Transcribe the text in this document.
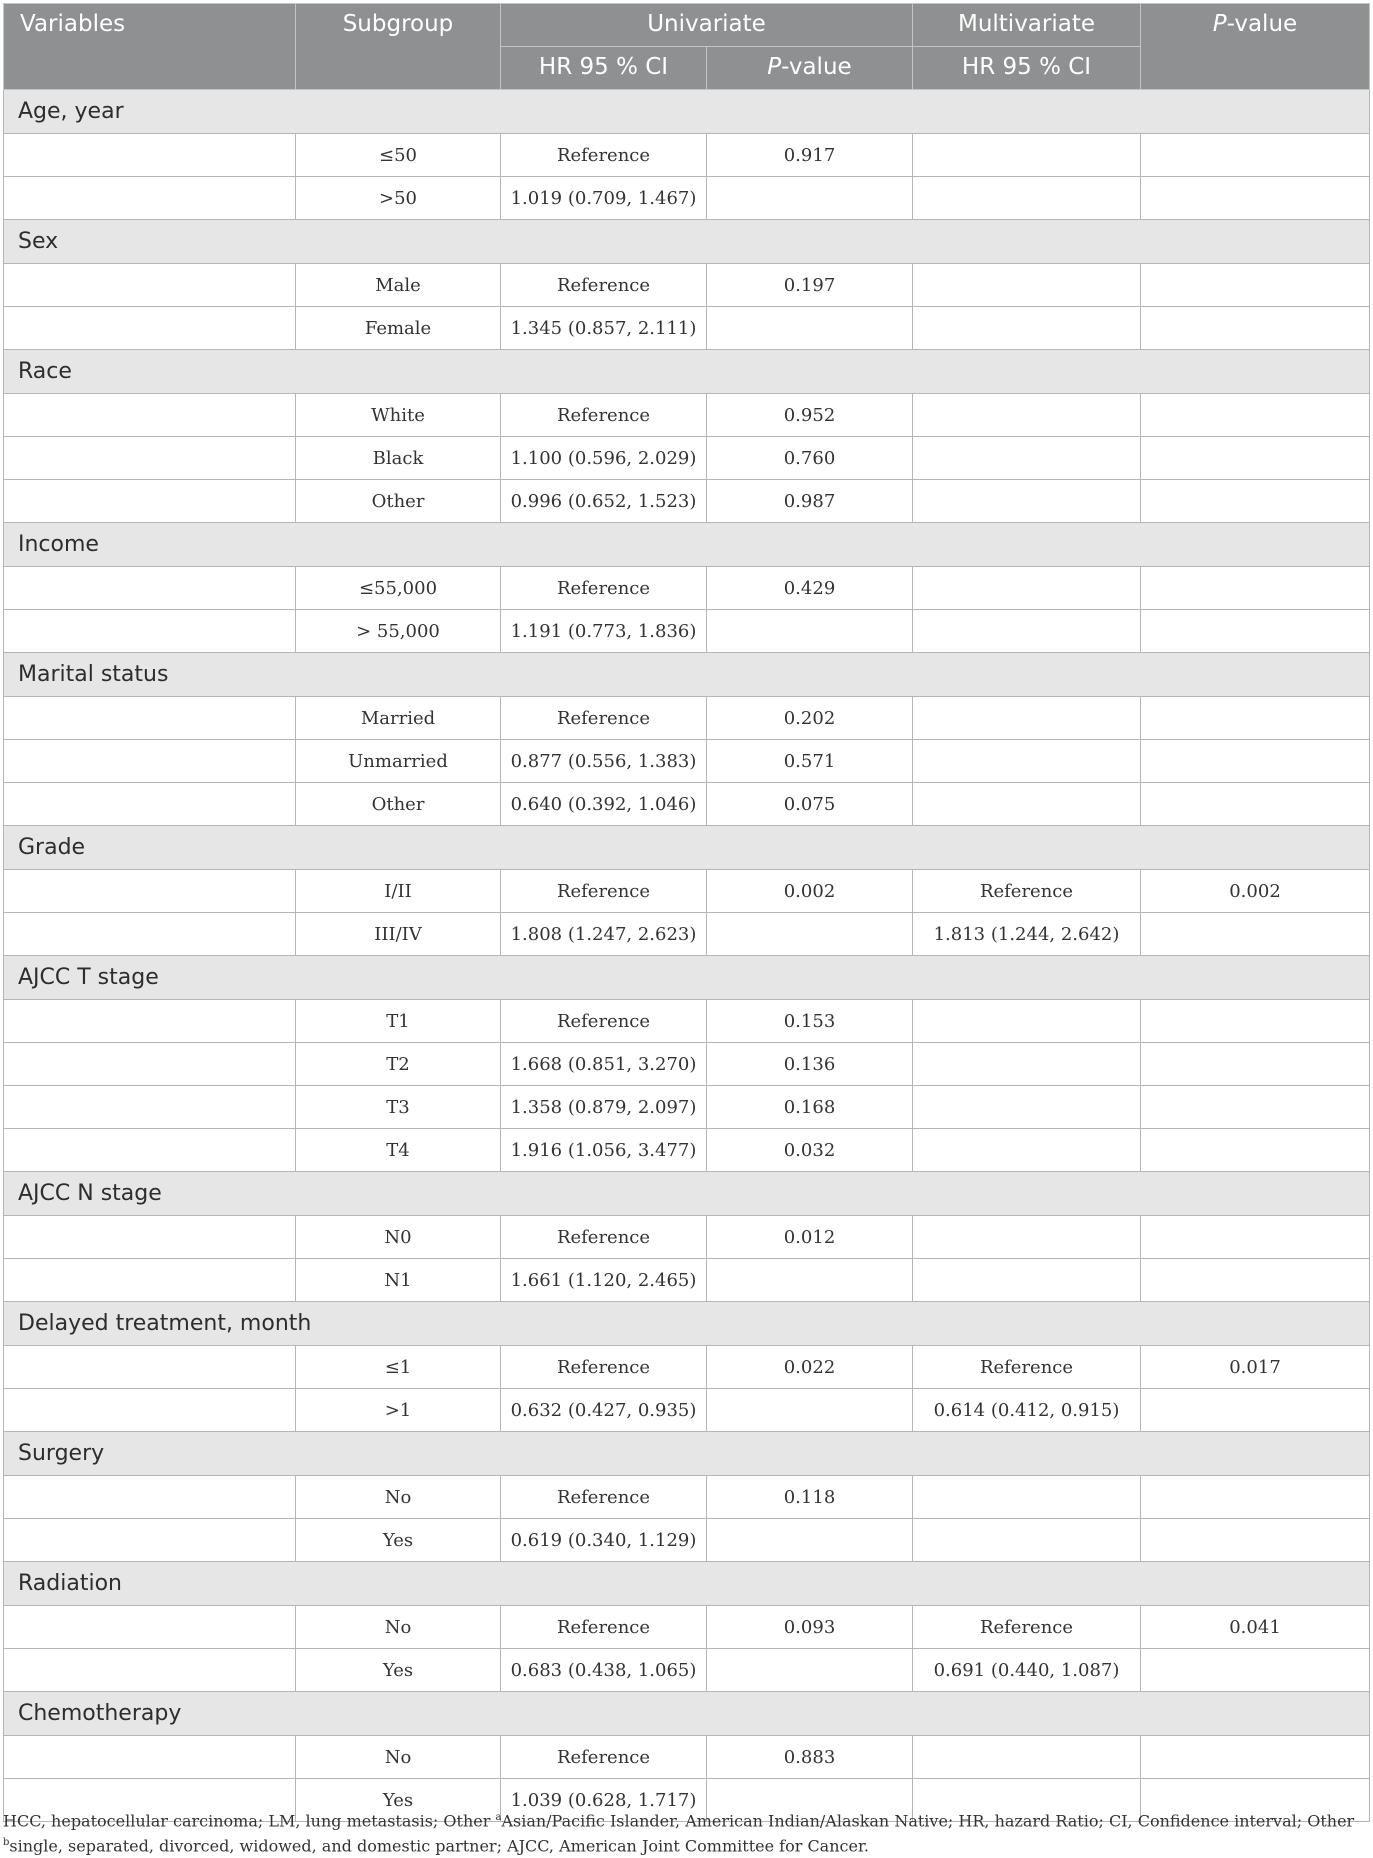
Variables	Subgroup	Univariate		Multivariate	P-value
		HR 95 % CI	P-value	HR 95 % CI	
Age, year					
	≤50	Reference	0.917		
	>50	1.019 (0.709, 1.467)			
Sex					
	Male	Reference	0.197		
	Female	1.345 (0.857, 2.111)			
Race					
	White	Reference	0.952		
	Black	1.100 (0.596, 2.029)	0.760		
	Other	0.996 (0.652, 1.523)	0.987		
Income					
	≤55,000	Reference	0.429		
	> 55,000	1.191 (0.773, 1.836)			
Marital status					
	Married	Reference	0.202		
	Unmarried	0.877 (0.556, 1.383)	0.571		
	Other	0.640 (0.392, 1.046)	0.075		
Grade					
	I/II	Reference	0.002	Reference	0.002
	III/IV	1.808 (1.247, 2.623)		1.813 (1.244, 2.642)	
AJCC T stage					
	T1	Reference	0.153		
	T2	1.668 (0.851, 3.270)	0.136		
	T3	1.358 (0.879, 2.097)	0.168		
	T4	1.916 (1.056, 3.477)	0.032		
AJCC N stage					
	N0	Reference	0.012		
	N1	1.661 (1.120, 2.465)			
Delayed treatment, month					
	≤1	Reference	0.022	Reference	0.017
	>1	0.632 (0.427, 0.935)		0.614 (0.412, 0.915)	
Surgery					
	No	Reference	0.118		
	Yes	0.619 (0.340, 1.129)			
Radiation					
	No	Reference	0.093	Reference	0.041
	Yes	0.683 (0.438, 1.065)		0.691 (0.440, 1.087)	
Chemotherapy					
	No	Reference	0.883		
	Yes	1.039 (0.628, 1.717)			
HCC, hepatocellular carcinoma; LM, lung metastasis; Other $^a$Asian/Pacific Islander, American Indian/Alaskan Native; HR, hazard Ratio; CI, Confidence interval; Other $^b$single, separated, divorced, widowed, and domestic partner; AJCC, American Joint Committee for Cancer.
